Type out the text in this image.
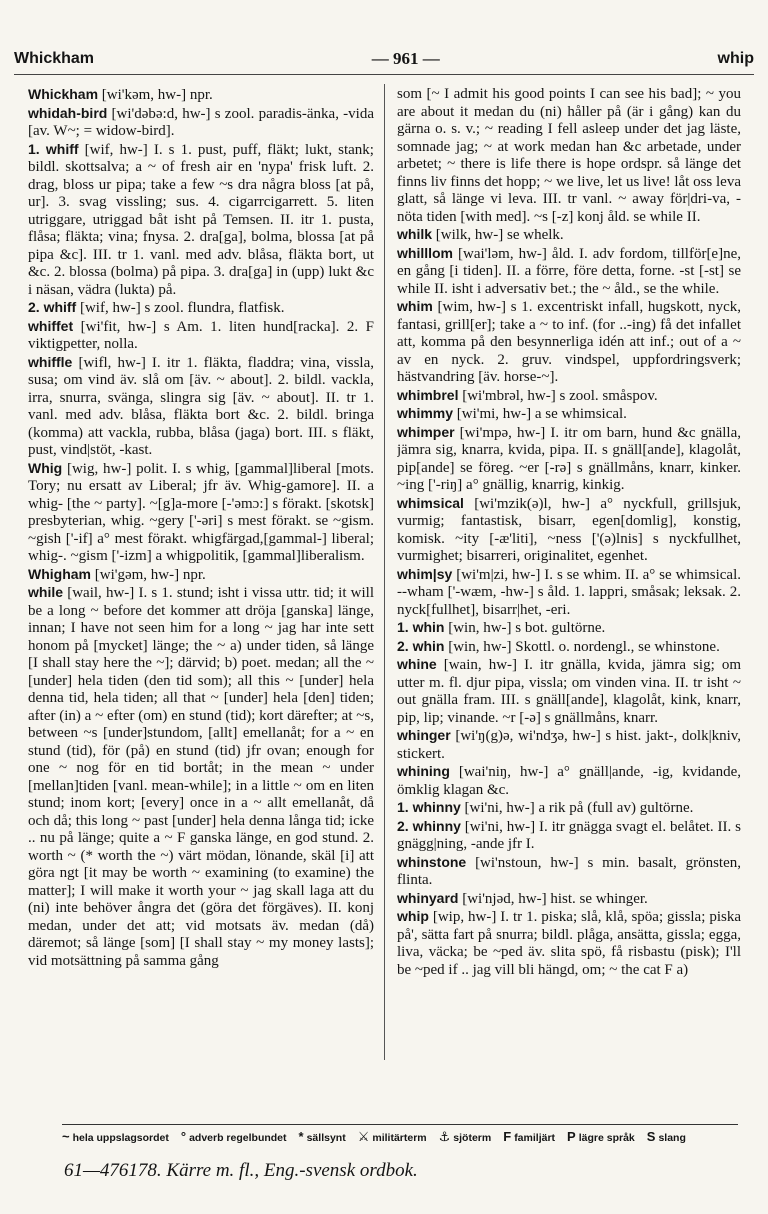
Whickham	— 961 —	whip

Whickham [wi'kəm, hw-] npr.

whidah-bird [wi'dəbə:d, hw-] s zool. paradis-änka, -vida [av. W~; = widow-bird].

1. whiff [wif, hw-] I. s 1. pust, puff, fläkt; lukt, stank; bildl. skottsalva; a ~ of fresh air en 'nypa' frisk luft. 2. drag, bloss ur pipa; take a few ~s dra några bloss [at på, ur]. 3. svag vissling; sus. 4. cigarrcigarrett. 5. liten utriggare, utriggad båt isht på Temsen. II. itr 1. pusta, flåsa; fläkta; vina; fnysa. 2. dra[ga], bolma, blossa [at på pipa &c]. III. tr 1. vanl. med adv. blåsa, fläkta bort, ut &c. 2. blossa (bolma) på pipa. 3. dra[ga] in (upp) lukt &c i näsan, vädra (lukta) på.

2. whiff [wif, hw-] s zool. flundra, flatfisk.

whiffet [wi'fit, hw-] s Am. 1. liten hund[racka]. 2. F viktigpetter, nolla.

whiffle [wifl, hw-] I. itr 1. fläkta, fladdra; vina, vissla, susa; om vind äv. slå om [äv. ~ about]. 2. bildl. vackla, irra, snurra, svänga, slingra sig [äv. ~ about]. II. tr 1. vanl. med adv. blåsa, fläkta bort &c. 2. bildl. bringa (komma) att vackla, rubba, blåsa (jaga) bort. III. s fläkt, pust, vind|stöt, -kast.

Whig [wig, hw-] polit. I. s whig, [gammal]liberal [mots. Tory; nu ersatt av Liberal; jfr äv. Whig-gamore]. II. a whig- [the ~ party]. ~[g]a-more [-'əmɔ:] s förakt. [skotsk] presbyterian, whig. ~gery ['-əri] s mest förakt. se ~gism. ~gish ['-if] a° mest förakt. whigfärgad,[gammal-] liberal; whig-. ~gism ['-izm] a whigpolitik, [gammal]liberalism.

Whigham [wi'gəm, hw-] npr.

while [wail, hw-] I. s 1. stund; isht i vissa uttr. tid; it will be a long ~ before det kommer att dröja [ganska] länge, innan; I have not seen him for a long ~ jag har inte sett honom på [mycket] länge; the ~ a) under tiden, så länge [I shall stay here the ~]; därvid; b) poet. medan; all the ~ [under] hela tiden (den tid som); all this ~ [under] hela denna tid, hela tiden; all that ~ [under] hela [den] tiden; after (in) a ~ efter (om) en stund (tid); kort därefter; at ~s, between ~s [under]stundom, [allt] emellanåt; for a ~ en stund (tid), för (på) en stund (tid) jfr ovan; enough for one ~ nog för en tid bortåt; in the mean ~ under [mellan]tiden [vanl. mean-while]; in a little ~ om en liten stund; inom kort; [every] once in a ~ allt emellanåt, då och då; this long ~ past [under] hela denna långa tid; icke .. nu på länge; quite a ~ F ganska länge, en god stund. 2. worth ~ (* worth the ~) värt mödan, lönande, skäl [i] att göra ngt [it may be worth ~ examining (to examine) the matter]; I will make it worth your ~ jag skall laga att du (ni) inte behöver ångra det (göra det förgäves). II. konj medan, under det att; vid motsats äv. medan (då) däremot; så länge [som] [I shall stay ~ my money lasts]; vid motsättning på samma gång

som [~ I admit his good points I can see his bad]; ~ you are about it medan du (ni) håller på (är i gång) kan du gärna o. s. v.; ~ reading I fell asleep under det jag läste, somnade jag; ~ at work medan han &c arbetade, under arbetet; ~ there is life there is hope ordspr. så länge det finns liv finns det hopp; ~ we live, let us live! låt oss leva glatt, så länge vi leva. III. tr vanl. ~ away för|dri-va, -nöta tiden [with med]. ~s [-z] konj åld. se while II.

whilk [wilk, hw-] se whelk.

whilllom [wai'ləm, hw-] åld. I. adv fordom, tillför[e]ne, en gång [i tiden]. II. a förre, före detta, forne. -st [-st] se while II. isht i adversativ bet.; the ~ åld., se the while.

whim [wim, hw-] s 1. excentriskt infall, hugskott, nyck, fantasi, grill[er]; take a ~ to inf. (for ..-ing) få det infallet att, komma på den besynnerliga idén att inf.; out of a ~ av en nyck. 2. gruv. vindspel, uppfordringsverk; hästvandring [äv. horse-~].

whimbrel [wi'mbrəl, hw-] s zool. småspov.

whimmy [wi'mi, hw-] a se whimsical.

whimper [wi'mpə, hw-] I. itr om barn, hund &c gnälla, jämra sig, knarra, kvida, pipa. II. s gnäll[ande], klagolåt, pip[ande] se föreg. ~er [-rə] s gnällmåns, knarr, kinker. ~ing ['-riŋ] a° gnällig, knarrig, kinkig.

whimsical [wi'mzik(ə)l, hw-] a° nyckfull, grillsjuk, vurmig; fantastisk, bisarr, egen[domlig], konstig, komisk. ~ity [-æ'liti], ~ness ['(ə)lnis] s nyckfullhet, vurmighet; bisarreri, originalitet, egenhet.

whim|sy [wi'm|zi, hw-] I. s se whim. II. a° se whimsical. --wham ['-wæm, -hw-] s åld. 1. lappri, småsak; leksak. 2. nyck[fullhet], bisarr|het, -eri.

1. whin [win, hw-] s bot. gultörne.

2. whin [win, hw-] Skottl. o. nordengl., se whinstone.

whine [wain, hw-] I. itr gnälla, kvida, jämra sig; om utter m. fl. djur pipa, vissla; om vinden vina. II. tr isht ~ out gnälla fram. III. s gnäll[ande], klagolåt, kink, knarr, pip, lip; vinande. ~r [-ə] s gnällmåns, knarr.

whinger [wi'ŋ(g)ə, wi'ndʒə, hw-] s hist. jakt-, dolk|kniv, stickert.

whining [wai'niŋ, hw-] a° gnäll|ande, -ig, kvidande, ömklig klagan &c.

1. whinny [wi'ni, hw-] a rik på (full av) gultörne.

2. whinny [wi'ni, hw-] I. itr gnägga svagt el. belåtet. II. s gnägg|ning, -ande jfr I.

whinstone [wi'nstoun, hw-] s min. basalt, grönsten, flinta.

whinyard [wi'njəd, hw-] hist. se whinger.

whip [wip, hw-] I. tr 1. piska; slå, klå, spöa; gissla; piska på', sätta fart på snurra; bildl. plåga, ansätta, gissla; egga, liva, väcka; be ~ped äv. slita spö, få risbastu (pisk); I'll be ~ped if .. jag vill bli hängd, om; ~ the cat F a)

~ hela uppslagsordet ° adverb regelbundet * sällsynt ⚔ militärterm ⚓ sjöterm F familjärt P lägre språk S slang
61—476178. Kärre m. fl., Eng.-svensk ordbok.
